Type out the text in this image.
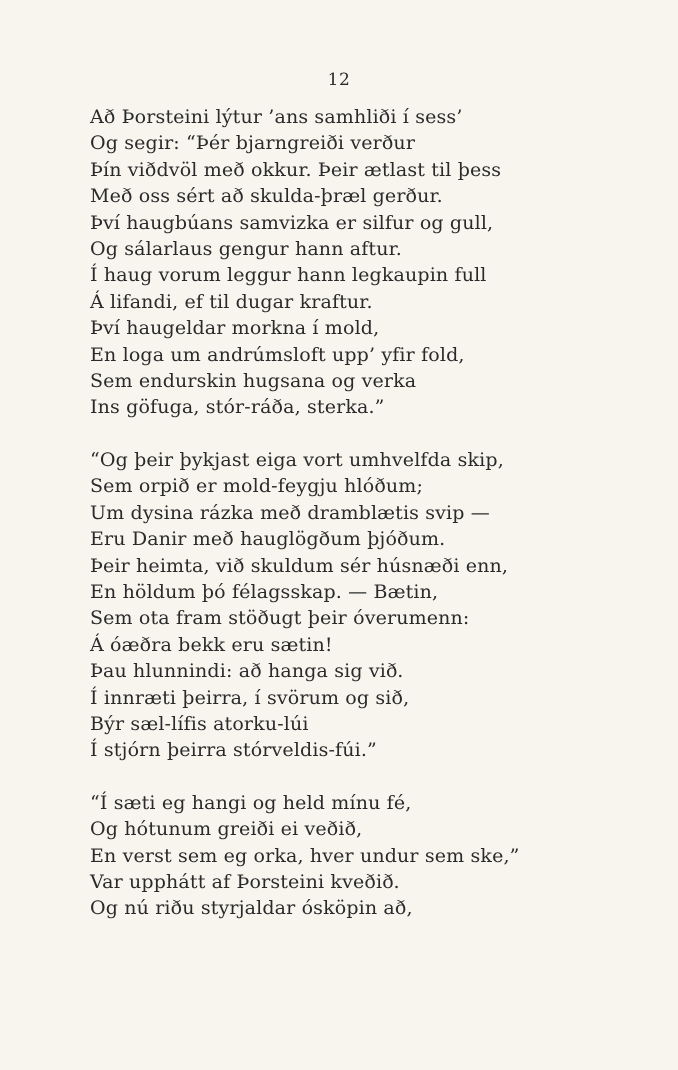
12
Að Þorsteini lýtur ’ans samhliði í sess’
Og segir: “Þér bjarngreiði verður
Þín viðdvöl með okkur. Þeir ætlast til þess
Með oss sért að skulda-þræl gerður.
Því haugbúans samvizka er silfur og gull,
Og sálarlaus gengur hann aftur.
Í haug vorum leggur hann legkaupin full
Á lifandi, ef til dugar kraftur.
Því haugeldar morkna í mold,
En loga um andrúmsloft upp’ yfir fold,
Sem endurskin hugsana og verka
Ins göfuga, stór-ráða, sterka.”
“Og þeir þykjast eiga vort umhvelfda skip,
Sem orpið er mold-feygju hlóðum;
Um dysina rázka með dramblætis svip —
Eru Danir með hauglögðum þjóðum.
Þeir heimta, við skuldum sér húsnæði enn,
En höldum þó félagsskap. — Bætin,
Sem ota fram stöðugt þeir óverumenn:
Á óæðra bekk eru sætin!
Þau hlunnindi: að hanga sig við.
Í innræti þeirra, í svörum og sið,
Býr sæl-lífis atorku-lúi
Í stjórn þeirra stórveldis-fúi.”
“Í sæti eg hangi og held mínu fé,
Og hótunum greiði ei veðið,
En verst sem eg orka, hver undur sem ske,”
Var upphátt af Þorsteini kveðið.
Og nú riðu styrjaldar ósköpin að,
